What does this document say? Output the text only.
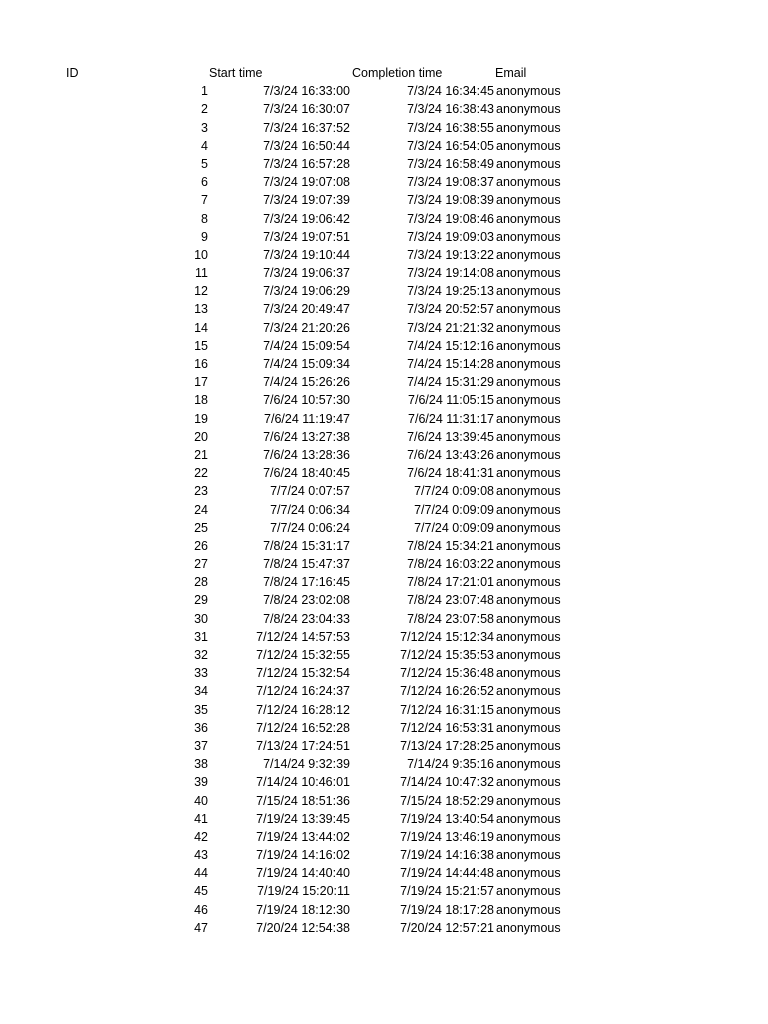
ID	Start time	Completion time	Email
1	7/3/24 16:33:00	7/3/24 16:34:45 anonymous
2	7/3/24 16:30:07	7/3/24 16:38:43 anonymous
3	7/3/24 16:37:52	7/3/24 16:38:55 anonymous
4	7/3/24 16:50:44	7/3/24 16:54:05 anonymous
5	7/3/24 16:57:28	7/3/24 16:58:49 anonymous
6	7/3/24 19:07:08	7/3/24 19:08:37 anonymous
7	7/3/24 19:07:39	7/3/24 19:08:39 anonymous
8	7/3/24 19:06:42	7/3/24 19:08:46 anonymous
9	7/3/24 19:07:51	7/3/24 19:09:03 anonymous
10	7/3/24 19:10:44	7/3/24 19:13:22 anonymous
11	7/3/24 19:06:37	7/3/24 19:14:08 anonymous
12	7/3/24 19:06:29	7/3/24 19:25:13 anonymous
13	7/3/24 20:49:47	7/3/24 20:52:57 anonymous
14	7/3/24 21:20:26	7/3/24 21:21:32 anonymous
15	7/4/24 15:09:54	7/4/24 15:12:16 anonymous
16	7/4/24 15:09:34	7/4/24 15:14:28 anonymous
17	7/4/24 15:26:26	7/4/24 15:31:29 anonymous
18	7/6/24 10:57:30	7/6/24 11:05:15 anonymous
19	7/6/24 11:19:47	7/6/24 11:31:17 anonymous
20	7/6/24 13:27:38	7/6/24 13:39:45 anonymous
21	7/6/24 13:28:36	7/6/24 13:43:26 anonymous
22	7/6/24 18:40:45	7/6/24 18:41:31 anonymous
23	7/7/24 0:07:57	7/7/24 0:09:08 anonymous
24	7/7/24 0:06:34	7/7/24 0:09:09 anonymous
25	7/7/24 0:06:24	7/7/24 0:09:09 anonymous
26	7/8/24 15:31:17	7/8/24 15:34:21 anonymous
27	7/8/24 15:47:37	7/8/24 16:03:22 anonymous
28	7/8/24 17:16:45	7/8/24 17:21:01 anonymous
29	7/8/24 23:02:08	7/8/24 23:07:48 anonymous
30	7/8/24 23:04:33	7/8/24 23:07:58 anonymous
31	7/12/24 14:57:53	7/12/24 15:12:34 anonymous
32	7/12/24 15:32:55	7/12/24 15:35:53 anonymous
33	7/12/24 15:32:54	7/12/24 15:36:48 anonymous
34	7/12/24 16:24:37	7/12/24 16:26:52 anonymous
35	7/12/24 16:28:12	7/12/24 16:31:15 anonymous
36	7/12/24 16:52:28	7/12/24 16:53:31 anonymous
37	7/13/24 17:24:51	7/13/24 17:28:25 anonymous
38	7/14/24 9:32:39	7/14/24 9:35:16 anonymous
39	7/14/24 10:46:01	7/14/24 10:47:32 anonymous
40	7/15/24 18:51:36	7/15/24 18:52:29 anonymous
41	7/19/24 13:39:45	7/19/24 13:40:54 anonymous
42	7/19/24 13:44:02	7/19/24 13:46:19 anonymous
43	7/19/24 14:16:02	7/19/24 14:16:38 anonymous
44	7/19/24 14:40:40	7/19/24 14:44:48 anonymous
45	7/19/24 15:20:11	7/19/24 15:21:57 anonymous
46	7/19/24 18:12:30	7/19/24 18:17:28 anonymous
47	7/20/24 12:54:38	7/20/24 12:57:21 anonymous
